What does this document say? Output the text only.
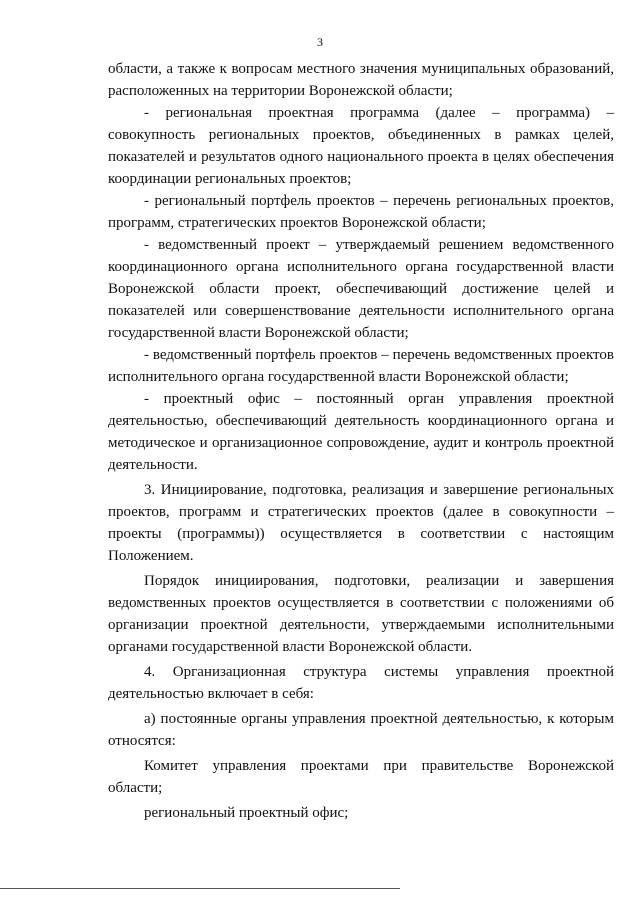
3

области, а также к вопросам местного значения муниципальных образований, расположенных на территории Воронежской области;

- региональная проектная программа (далее – программа) – совокупность региональных проектов, объединенных в рамках целей, показателей и результатов одного национального проекта в целях обеспечения координации региональных проектов;

- региональный портфель проектов – перечень региональных проектов, программ, стратегических проектов Воронежской области;

- ведомственный проект – утверждаемый решением ведомственного координационного органа исполнительного органа государственной власти Воронежской области проект, обеспечивающий достижение целей и показателей или совершенствование деятельности исполнительного органа государственной власти Воронежской области;

- ведомственный портфель проектов – перечень ведомственных проектов исполнительного органа государственной власти Воронежской области;

- проектный офис – постоянный орган управления проектной деятельностью, обеспечивающий деятельность координационного органа и методическое и организационное сопровождение, аудит и контроль проектной деятельности.

3. Инициирование, подготовка, реализация и завершение региональных проектов, программ и стратегических проектов (далее в совокупности – проекты (программы)) осуществляется в соответствии с настоящим Положением.

Порядок инициирования, подготовки, реализации и завершения ведомственных проектов осуществляется в соответствии с положениями об организации проектной деятельности, утверждаемыми исполнительными органами государственной власти Воронежской области.

4. Организационная структура системы управления проектной деятельностью включает в себя:

а) постоянные органы управления проектной деятельностью, к которым относятся:

Комитет управления проектами при правительстве Воронежской области;

региональный проектный офис;
